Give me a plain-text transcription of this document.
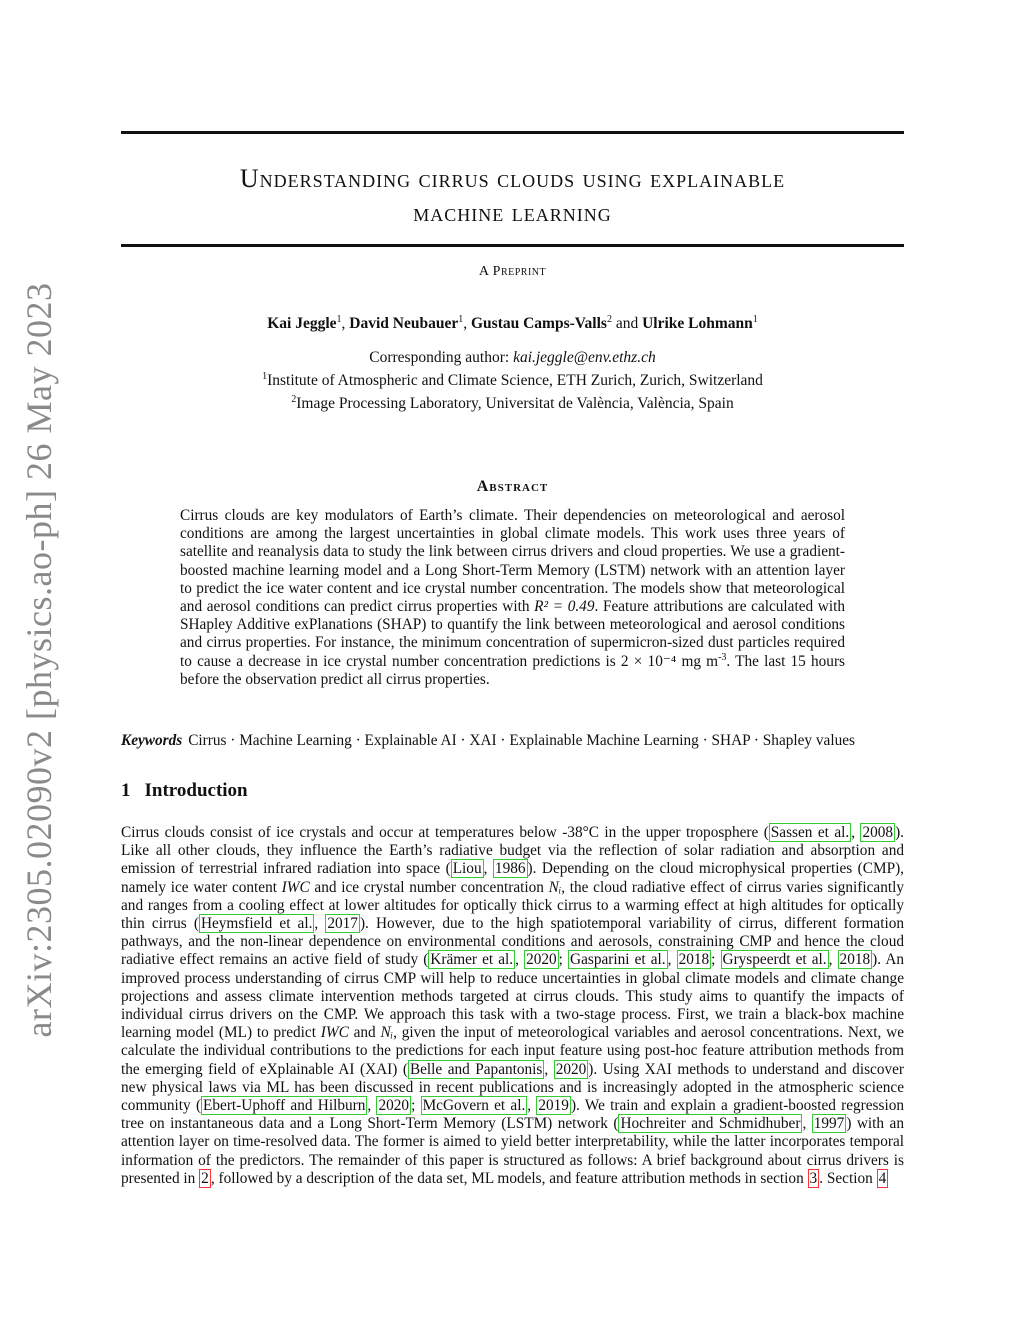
arXiv:2305.02090v2 [physics.ao-ph] 26 May 2023
Understanding cirrus clouds using explainable
machine learning
A Preprint
Kai Jeggle$^1$, David Neubauer$^1$, Gustau Camps-Valls$^2$ and Ulrike Lohmann$^1$
Corresponding author: kai.jeggle@env.ethz.ch
$^1$Institute of Atmospheric and Climate Science, ETH Zurich, Zurich, Switzerland
$^2$Image Processing Laboratory, Universitat de València, València, Spain
Abstract
Cirrus clouds are key modulators of Earth’s climate. Their dependencies on meteorological and aerosol conditions are among the largest uncertainties in global climate models. This work uses three years of satellite and reanalysis data to study the link between cirrus drivers and cloud properties. We use a gradient-boosted machine learning model and a Long Short-Term Memory (LSTM) network with an attention layer to predict the ice water content and ice crystal number concentration. The models show that meteorological and aerosol conditions can predict cirrus properties with R² = 0.49. Feature attributions are calculated with SHapley Additive exPlanations (SHAP) to quantify the link between meteorological and aerosol conditions and cirrus properties. For instance, the minimum concentration of supermicron-sized dust particles required to cause a decrease in ice crystal number concentration predictions is 2 × 10⁻⁴ mg $m^{-3}$. The last 15 hours before the observation predict all cirrus properties.
Keywords Cirrus · Machine Learning · Explainable AI · XAI · Explainable Machine Learning · SHAP · Shapley values
1 Introduction
Cirrus clouds consist of ice crystals and occur at temperatures below -38°C in the upper troposphere ( Sassen et al. , 2008 ). Like all other clouds, they influence the Earth’s radiative budget via the reflection of solar radiation and absorption and emission of terrestrial infrared radiation into space ( Liou , 1986 ). Depending on the cloud microphysical properties (CMP), namely ice water content IWC and ice crystal number concentration Nᵢ, the cloud radiative effect of cirrus varies significantly and ranges from a cooling effect at lower altitudes for optically thick cirrus to a warming effect at high altitudes for optically thin cirrus ( Heymsfield et al. , 2017 ). However, due to the high spatiotemporal variability of cirrus, different formation pathways, and the non-linear dependence on environmental conditions and aerosols, constraining CMP and hence the cloud radiative effect remains an active field of study ( Krämer et al. , 2020 ; Gasparini et al. , 2018 ; Gryspeerdt et al. , 2018 ). An improved process understanding of cirrus CMP will help to reduce uncertainties in global climate models and climate change projections and assess climate intervention methods targeted at cirrus clouds. This study aims to quantify the impacts of individual cirrus drivers on the CMP. We approach this task with a two-stage process. First, we train a black-box machine learning model (ML) to predict IWC and Nᵢ, given the input of meteorological variables and aerosol concentrations. Next, we calculate the individual contributions to the predictions for each input feature using post-hoc feature attribution methods from the emerging field of eXplainable AI (XAI) ( Belle and Papantonis , 2020 ). Using XAI methods to understand and discover new physical laws via ML has been discussed in recent publications and is increasingly adopted in the atmospheric science community ( Ebert-Uphoff and Hilburn , 2020 ; McGovern et al. , 2019 ). We train and explain a gradient-boosted regression tree on instantaneous data and a Long Short-Term Memory (LSTM) network ( Hochreiter and Schmidhuber , 1997 ) with an attention layer on time-resolved data. The former is aimed to yield better interpretability, while the latter incorporates temporal information of the predictors. The remainder of this paper is structured as follows: A brief background about cirrus drivers is presented in 2 , followed by a description of the data set, ML models, and feature attribution methods in section 3 . Section 4
